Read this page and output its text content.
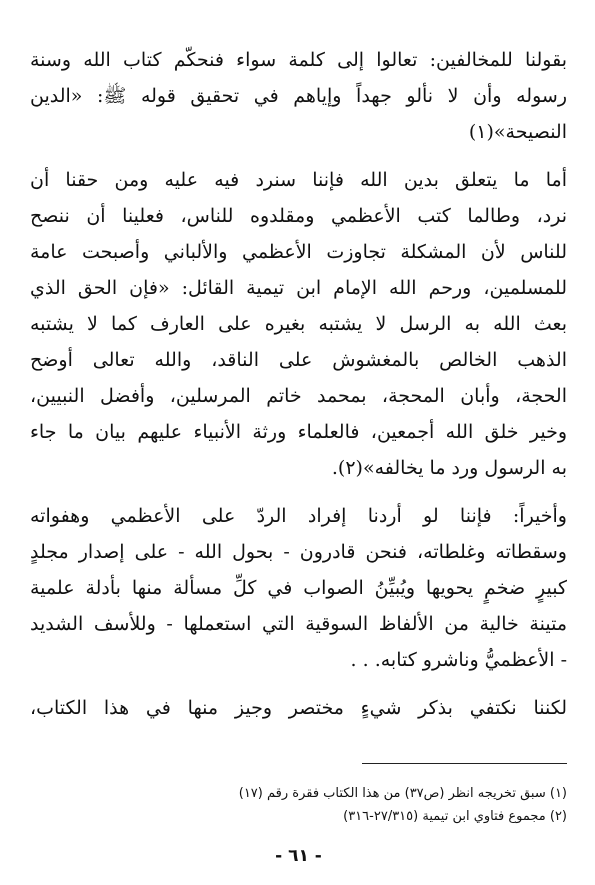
بقولنا للمخالفين: تعالوا إلى كلمة سواء فنحكّم كتاب الله وسنة
رسوله وأن لا نألو جهداً وإياهم في تحقيق قوله ﷺ: «الدين
النصيحة»(١)
أما ما يتعلق بدين الله فإننا سنرد فيه عليه ومن حقنا أن
نرد، وطالما كتب الأعظمي ومقلدوه للناس، فعلينا أن ننصح
للناس لأن المشكلة تجاوزت الأعظمي والألباني وأصبحت عامة
للمسلمين، ورحم الله الإمام ابن تيمية القائل: «فإن الحق الذي
بعث الله به الرسل لا يشتبه بغيره على العارف كما لا يشتبه
الذهب الخالص بالمغشوش على الناقد، والله تعالى أوضح
الحجة، وأبان المحجة، بمحمد خاتم المرسلين، وأفضل النبيين،
وخير خلق الله أجمعين، فالعلماء ورثة الأنبياء عليهم بيان ما جاء
به الرسول ورد ما يخالفه»(٢).
وأخيراً: فإننا لو أردنا إفراد الردّ على الأعظمي وهفواته
وسقطاته وغلطاته، فنحن قادرون - بحول الله - على إصدار مجلدٍ
كبيرٍ ضخمٍ يحويها ويُبيِّنُ الصواب في كلِّ مسألة منها بأدلة علمية
متينة خالية من الألفاظ السوقية التي استعملها - وللأسف الشديد
- الأعظميُّ وناشرو كتابه. . .
لكننا نكتفي بذكر شيءٍ مختصر وجيز منها في هذا الكتاب،
(١) سبق تخريجه انظر (ص٣٧) من هذا الكتاب فقرة رقم (١٧)
(٢) مجموع فتاوي ابن تيمية (٢٧/٣١٥-٣١٦)
- ٦١ -
